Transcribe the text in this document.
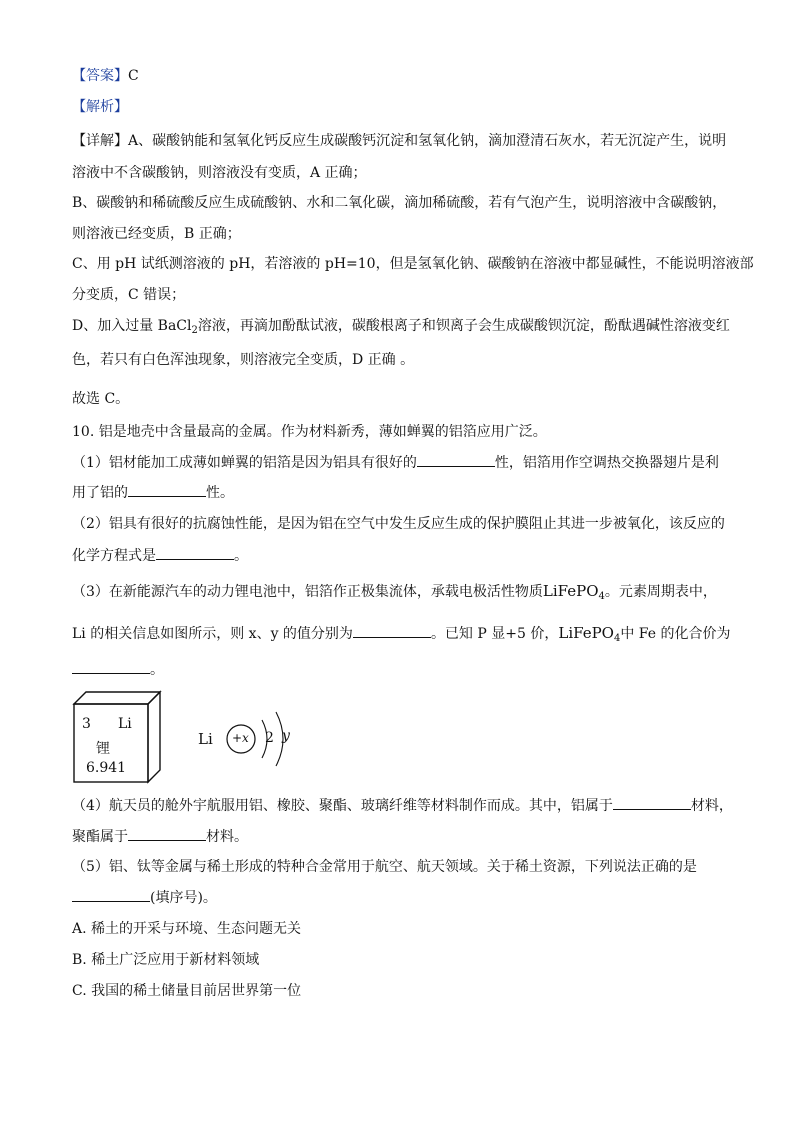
【答案】C
【解析】
【详解】A、碳酸钠能和氢氧化钙反应生成碳酸钙沉淀和氢氧化钠，滴加澄清石灰水，若无沉淀产生，说明
溶液中不含碳酸钠，则溶液没有变质，A 正确；
B、碳酸钠和稀硫酸反应生成硫酸钠、水和二氧化碳，滴加稀硫酸，若有气泡产生，说明溶液中含碳酸钠，
则溶液已经变质，B 正确；
C、用 pH 试纸测溶液的 pH，若溶液的 pH=10，但是氢氧化钠、碳酸钠在溶液中都显碱性，不能说明溶液部
分变质，C 错误；
D、加入过量 BaCl$_2$溶液，再滴加酚酞试液，碳酸根离子和钡离子会生成碳酸钡沉淀，酚酞遇碱性溶液变红
色，若只有白色浑浊现象，则溶液完全变质，D 正确 。
故选 C。
10. 铝是地壳中含量最高的金属。作为材料新秀，薄如蝉翼的铝箔应用广泛。
（1）铝材能加工成薄如蝉翼的铝箔是因为铝具有很好的	性，铝箔用作空调热交换器翅片是利
用了铝的	性。
（2）铝具有很好的抗腐蚀性能，是因为铝在空气中发生反应生成的保护膜阻止其进一步被氧化，该反应的
化学方程式是	。
（3）在新能源汽车的动力锂电池中，铝箔作正极集流体，承载电极活性物质LiFePO$_4$。元素周期表中，
Li 的相关信息如图所示，则 x、y 的值分别为	。已知 P 显+5 价，LiFePO$_4$中 Fe 的化合价为
。
3 Li
锂
6.941
Li +x 2 y
（4）航天员的舱外宇航服用铝、橡胶、聚酯、玻璃纤维等材料制作而成。其中，铝属于	材料，
聚酯属于	材料。
（5）铝、钛等金属与稀土形成的特种合金常用于航空、航天领域。关于稀土资源，下列说法正确的是
(填序号)。
A. 稀土的开采与环境、生态问题无关
B. 稀土广泛应用于新材料领域
C. 我国的稀土储量目前居世界第一位
